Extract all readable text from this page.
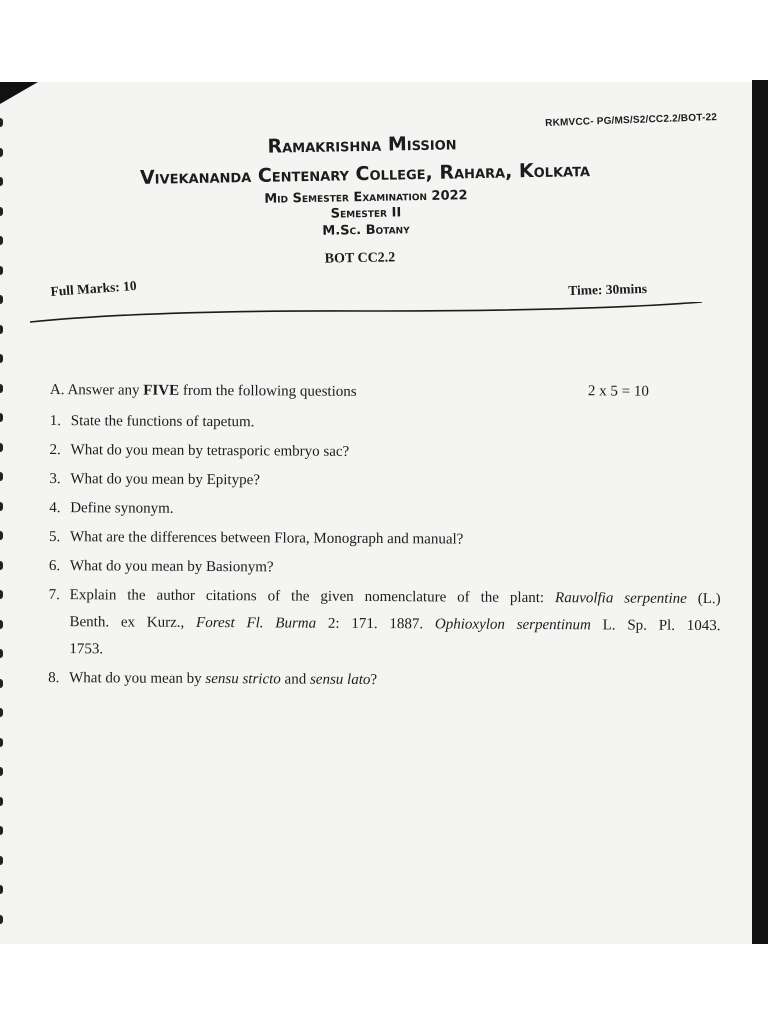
RKMVCC- PG/MS/S2/CC2.2/BOT-22
Ramakrishna Mission
Vivekananda Centenary College, Rahara, Kolkata
Mid Semester Examination 2022
Semester II
M.Sc. Botany
BOT CC2.2
Full Marks: 10	Time: 30mins
A. Answer any FIVE from the following questions	2 x 5 = 10
1. State the functions of tapetum.
2. What do you mean by tetrasporic embryo sac?
3. What do you mean by Epitype?
4. Define synonym.
5. What are the differences between Flora, Monograph and manual?
6. What do you mean by Basionym?
7. Explain the author citations of the given nomenclature of the plant: Rauvolfia serpentine (L.)
Benth. ex Kurz., Forest Fl. Burma 2: 171. 1887. Ophioxylon serpentinum L. Sp. Pl. 1043.
1753.
8. What do you mean by sensu stricto and sensu lato?
